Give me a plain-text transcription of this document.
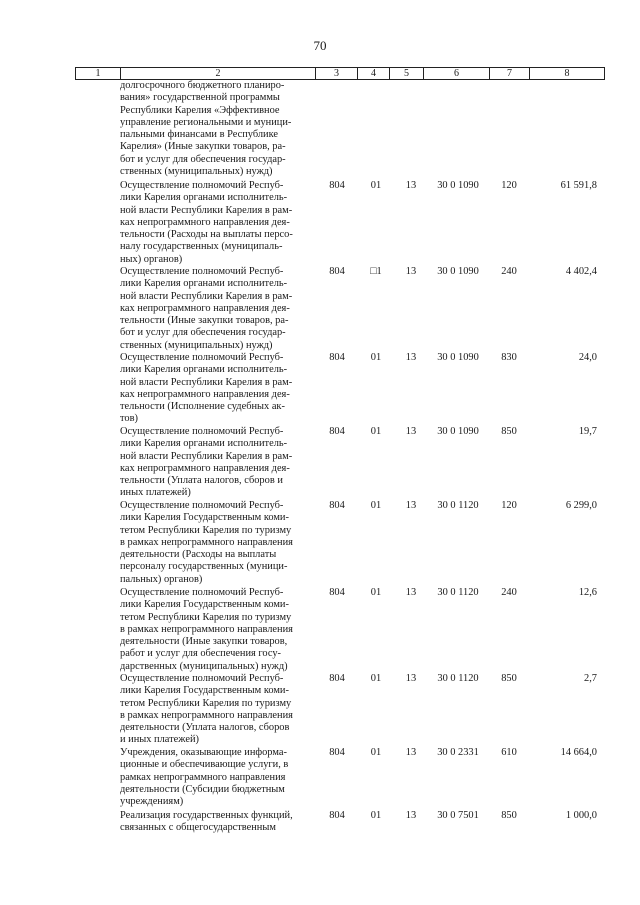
70
1	2	3	4	5	6	7	8
долгосрочного бюджетного планиро-
вания» государственной программы
Республики Карелия «Эффективное
управление региональными и муници-
пальными финансами в Республике
Карелия» (Иные закупки товаров, ра-
бот и услуг для обеспечения государ-
ственных (муниципальных) нужд)
Осуществление полномочий Респуб-
лики Карелия органами исполнитель-
ной власти Республики Карелия в рам-
ках непрограммного направления дея-
тельности (Расходы на выплаты персо-
налу государственных (муниципаль-
ных) органов)
804	01	13	30 0 1090	120	61 591,8
Осуществление полномочий Респуб-
лики Карелия органами исполнитель-
ной власти Республики Карелия в рам-
ках непрограммного направления дея-
тельности (Иные закупки товаров, ра-
бот и услуг для обеспечения государ-
ственных (муниципальных) нужд)
804	□1	13	30 0 1090	240	4 402,4
Осуществление полномочий Респуб-
лики Карелия органами исполнитель-
ной власти Республики Карелия в рам-
ках непрограммного направления дея-
тельности (Исполнение судебных ак-
тов)
804	01	13	30 0 1090	830	24,0
Осуществление полномочий Респуб-
лики Карелия органами исполнитель-
ной власти Республики Карелия в рам-
ках непрограммного направления дея-
тельности (Уплата налогов, сборов и
иных платежей)
804	01	13	30 0 1090	850	19,7
Осуществление полномочий Респуб-
лики Карелия Государственным коми-
тетом Республики Карелия по туризму
в рамках непрограммного направления
деятельности (Расходы на выплаты
персоналу государственных (муници-
пальных) органов)
804	01	13	30 0 1120	120	6 299,0
Осуществление полномочий Респуб-
лики Карелия Государственным коми-
тетом Республики Карелия по туризму
в рамках непрограммного направления
деятельности (Иные закупки товаров,
работ и услуг для обеспечения госу-
дарственных (муниципальных) нужд)
804	01	13	30 0 1120	240	12,6
Осуществление полномочий Респуб-
лики Карелия Государственным коми-
тетом Республики Карелия по туризму
в рамках непрограммного направления
деятельности (Уплата налогов, сборов
и иных платежей)
804	01	13	30 0 1120	850	2,7
Учреждения, оказывающие информа-
ционные и обеспечивающие услуги, в
рамках непрограммного направления
деятельности (Субсидии бюджетным
учреждениям)
804	01	13	30 0 2331	610	14 664,0
Реализация государственных функций,
связанных с общегосударственным
804	01	13	30 0 7501	850	1 000,0
